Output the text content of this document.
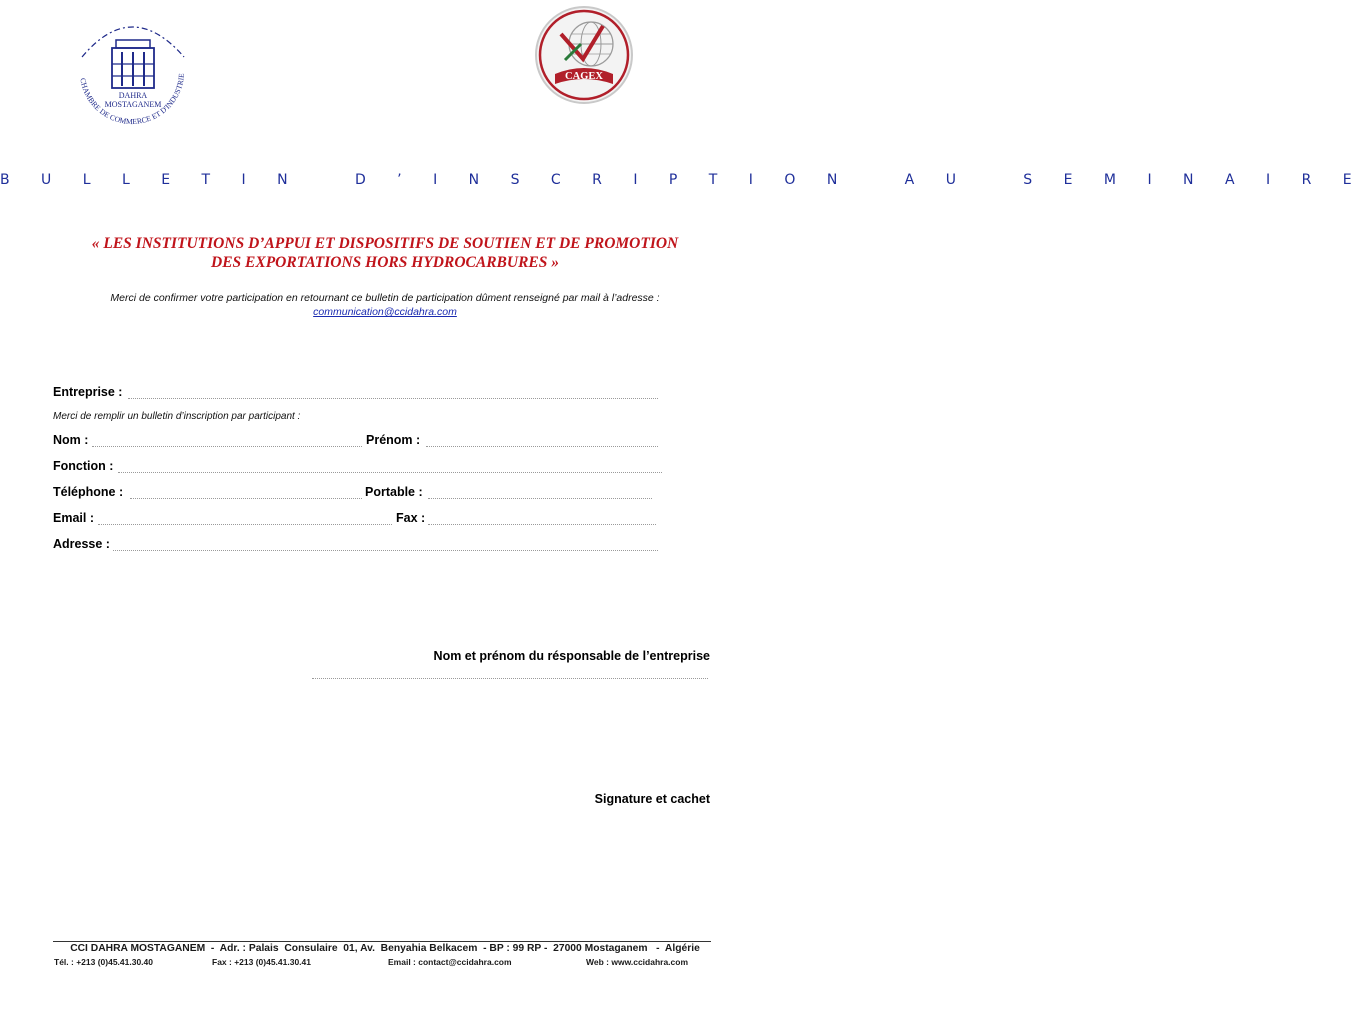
DAHRA
MOSTAGANEM
CHAMBRE DE COMMERCE ET D'INDUSTRIE	CAGEX
B U L L E T I N   D ’ I N S C R I P T I O N   A U   S E M I N A I R E
« LES INSTITUTIONS D’APPUI ET DISPOSITIFS DE SOUTIEN ET DE PROMOTION
DES EXPORTATIONS HORS HYDROCARBURES »
Merci de confirmer votre participation en retournant ce bulletin de participation dûment renseigné par mail à l’adresse :
communication@ccidahra.com
Entreprise :
Merci de remplir un bulletin d’inscription par participant :
Nom :	Prénom :
Fonction :
Téléphone :	Portable :
Email :	Fax :
Adresse :
Nom et prénom du résponsable de l’entreprise
Signature et cachet
CCI DAHRA MOSTAGANEM  -  Adr. : Palais  Consulaire  01, Av.  Benyahia Belkacem  - BP : 99 RP -  27000 Mostaganem   -  Algérie
Tél. : +213 (0)45.41.30.40	Fax : +213 (0)45.41.30.41	Email : contact@ccidahra.com	Web : www.ccidahra.com
